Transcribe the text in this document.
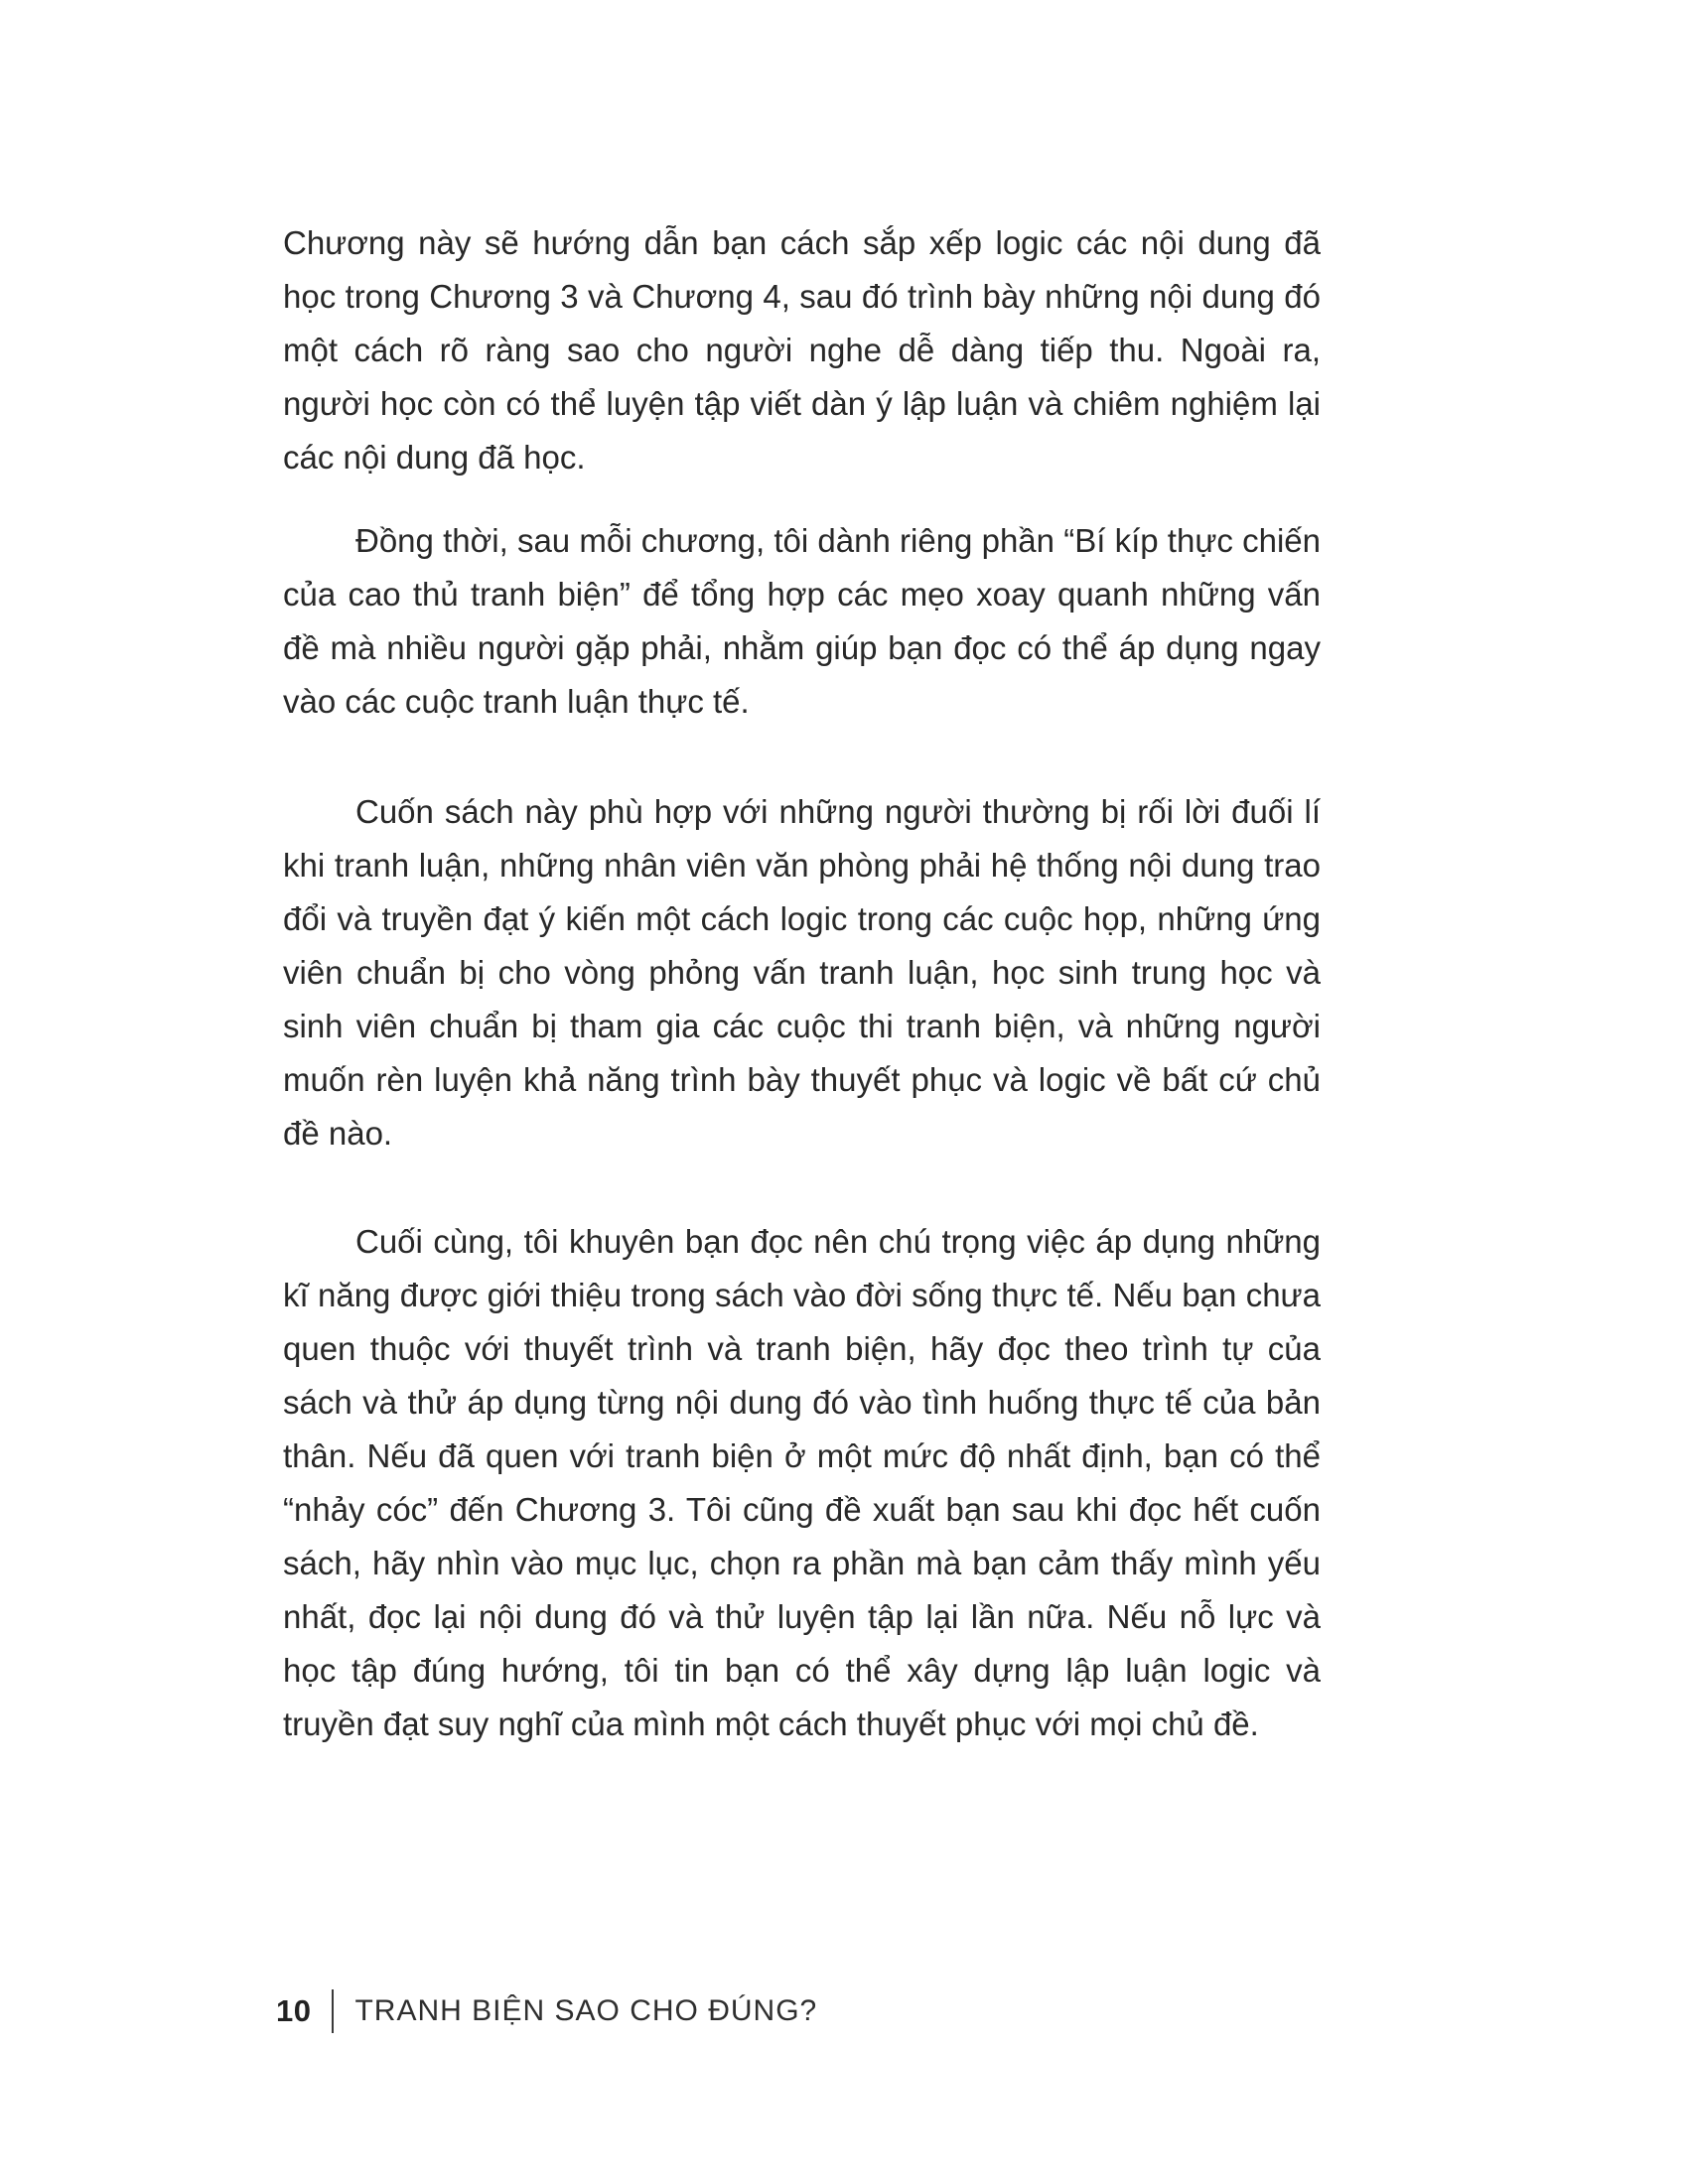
Chương này sẽ hướng dẫn bạn cách sắp xếp logic các nội dung đã học trong Chương 3 và Chương 4, sau đó trình bày những nội dung đó một cách rõ ràng sao cho người nghe dễ dàng tiếp thu. Ngoài ra, người học còn có thể luyện tập viết dàn ý lập luận và chiêm nghiệm lại các nội dung đã học.

Đồng thời, sau mỗi chương, tôi dành riêng phần “Bí kíp thực chiến của cao thủ tranh biện” để tổng hợp các mẹo xoay quanh những vấn đề mà nhiều người gặp phải, nhằm giúp bạn đọc có thể áp dụng ngay vào các cuộc tranh luận thực tế.

Cuốn sách này phù hợp với những người thường bị rối lời đuối lí khi tranh luận, những nhân viên văn phòng phải hệ thống nội dung trao đổi và truyền đạt ý kiến một cách logic trong các cuộc họp, những ứng viên chuẩn bị cho vòng phỏng vấn tranh luận, học sinh trung học và sinh viên chuẩn bị tham gia các cuộc thi tranh biện, và những người muốn rèn luyện khả năng trình bày thuyết phục và logic về bất cứ chủ đề nào.

Cuối cùng, tôi khuyên bạn đọc nên chú trọng việc áp dụng những kĩ năng được giới thiệu trong sách vào đời sống thực tế. Nếu bạn chưa quen thuộc với thuyết trình và tranh biện, hãy đọc theo trình tự của sách và thử áp dụng từng nội dung đó vào tình huống thực tế của bản thân. Nếu đã quen với tranh biện ở một mức độ nhất định, bạn có thể “nhảy cóc” đến Chương 3. Tôi cũng đề xuất bạn sau khi đọc hết cuốn sách, hãy nhìn vào mục lục, chọn ra phần mà bạn cảm thấy mình yếu nhất, đọc lại nội dung đó và thử luyện tập lại lần nữa. Nếu nỗ lực và học tập đúng hướng, tôi tin bạn có thể xây dựng lập luận logic và truyền đạt suy nghĩ của mình một cách thuyết phục với mọi chủ đề.

10 TRANH BIỆN SAO CHO ĐÚNG?
